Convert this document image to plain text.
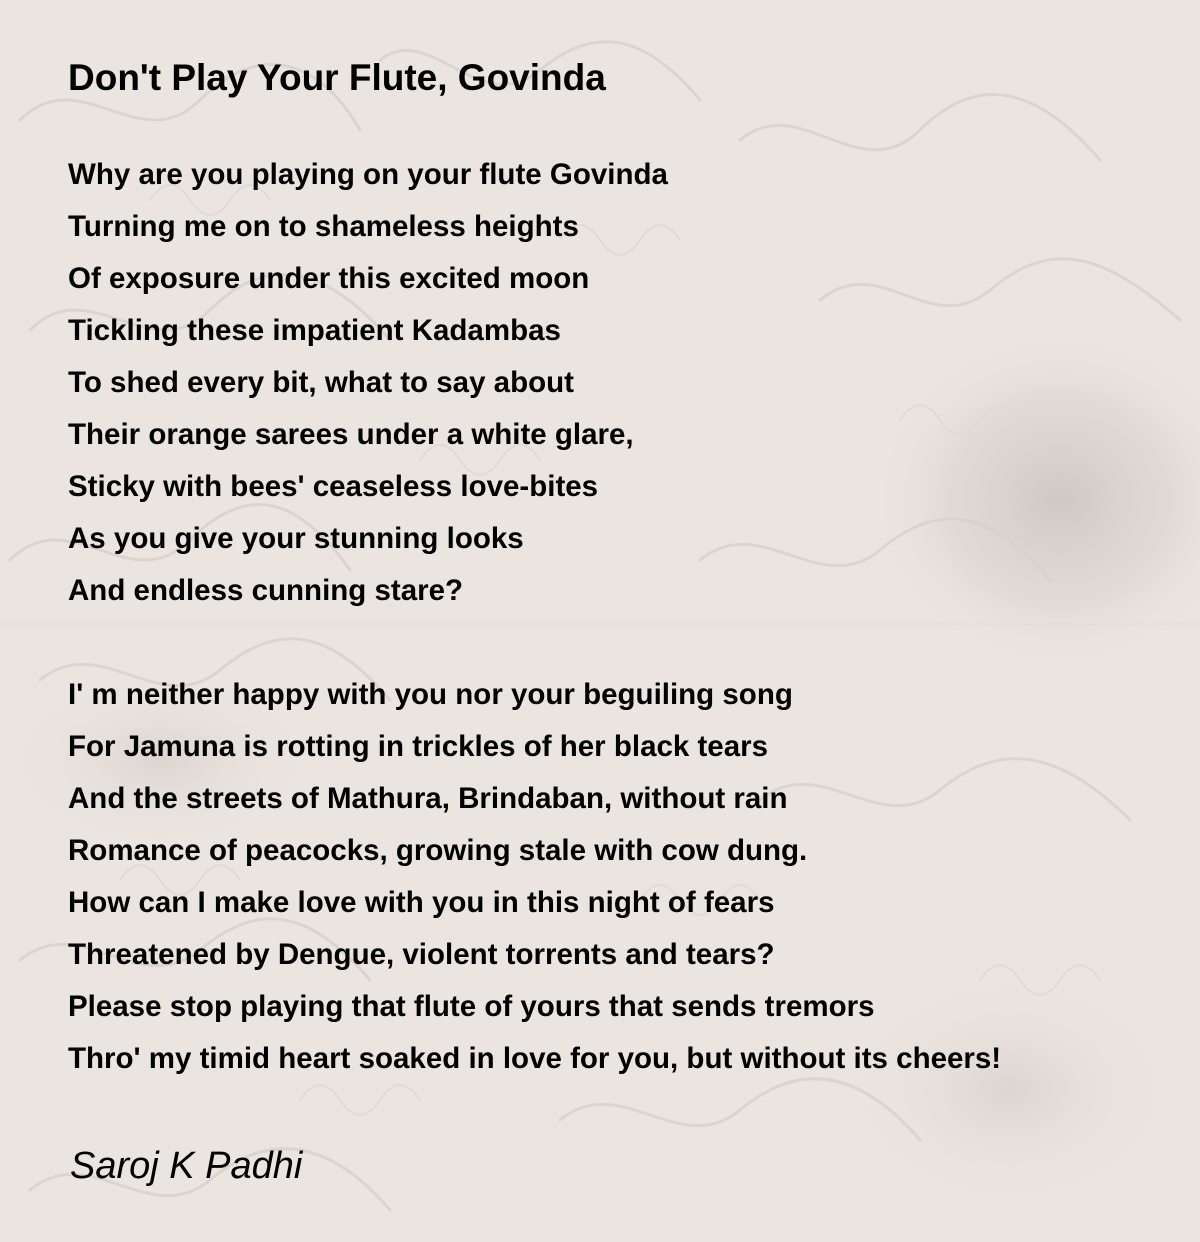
Don't Play Your Flute, Govinda
Why are you playing on your flute Govinda
Turning me on to shameless heights
Of exposure under this excited moon
Tickling these impatient Kadambas
To shed every bit, what to say about
Their orange sarees under a white glare,
Sticky with bees' ceaseless love-bites
As you give your stunning looks
And endless cunning stare?
I' m neither happy with you nor your beguiling song
For Jamuna is rotting in trickles of her black tears
And the streets of Mathura, Brindaban, without rain
Romance of peacocks, growing stale with cow dung.
How can I make love with you in this night of fears
Threatened by Dengue, violent torrents and tears?
Please stop playing that flute of yours that sends tremors
Thro' my timid heart soaked in love for you, but without its cheers!

Saroj K Padhi
